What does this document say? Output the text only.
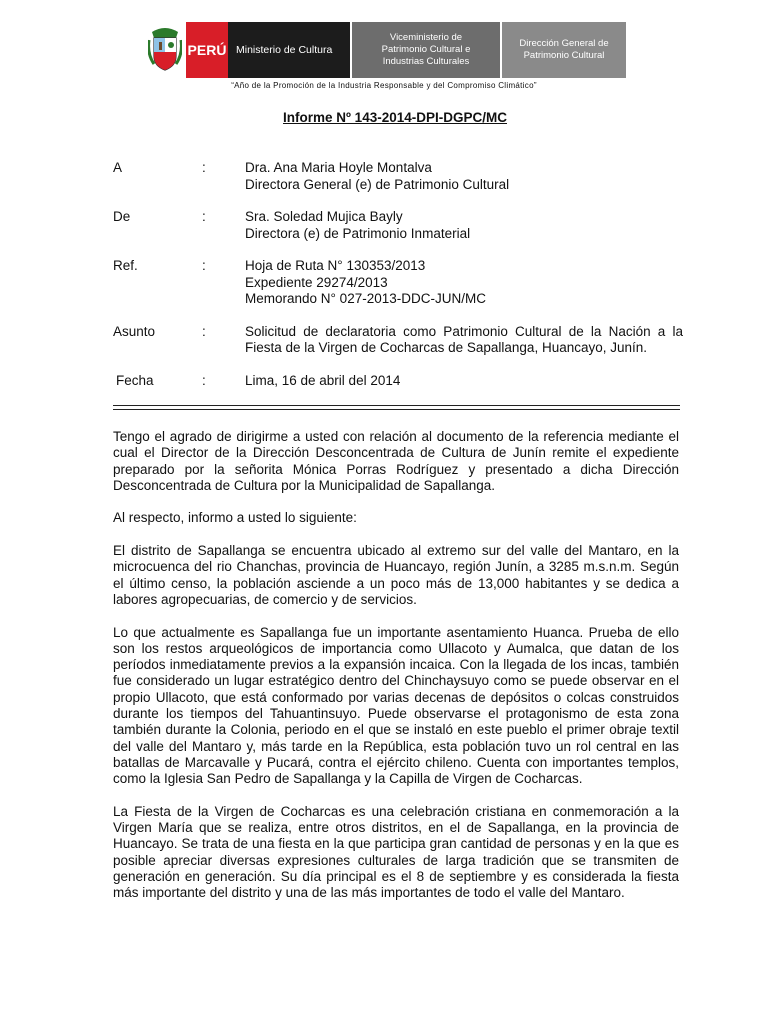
PERÚ Ministerio de Cultura
Viceministerio de
Patrimonio Cultural e
Industrias Culturales
Dirección General de
Patrimonio Cultural
“Año de la Promoción de la Industria Responsable y del Compromiso Climático”
Informe Nº 143-2014-DPI-DGPC/MC
A	:	Dra. Ana Maria Hoyle Montalva
Directora General (e) de Patrimonio Cultural
De	:	Sra. Soledad Mujica Bayly
Directora (e) de Patrimonio Inmaterial
Ref.	:	Hoja de Ruta N° 130353/2013
Expediente 29274/2013
Memorando N° 027-2013-DDC-JUN/MC
Asunto	:	Solicitud de declaratoria como Patrimonio Cultural de la Nación a la Fiesta de la Virgen de Cocharcas de Sapallanga, Huancayo, Junín.
Fecha	:	Lima, 16 de abril del 2014

Tengo el agrado de dirigirme a usted con relación al documento de la referencia mediante el cual el Director de la Dirección Desconcentrada de Cultura de Junín remite el expediente preparado por la señorita Mónica Porras Rodríguez y presentado a dicha Dirección Desconcentrada de Cultura por la Municipalidad de Sapallanga.

Al respecto, informo a usted lo siguiente:

El distrito de Sapallanga se encuentra ubicado al extremo sur del valle del Mantaro, en la microcuenca del rio Chanchas, provincia de Huancayo, región Junín, a 3285 m.s.n.m. Según el último censo, la población asciende a un poco más de 13,000 habitantes y se dedica a labores agropecuarias, de comercio y de servicios.

Lo que actualmente es Sapallanga fue un importante asentamiento Huanca. Prueba de ello son los restos arqueológicos de importancia como Ullacoto y Aumalca, que datan de los períodos inmediatamente previos a la expansión incaica. Con la llegada de los incas, también fue considerado un lugar estratégico dentro del Chinchaysuyo como se puede observar en el propio Ullacoto, que está conformado por varias decenas de depósitos o colcas construidos durante los tiempos del Tahuantinsuyo. Puede observarse el protagonismo de esta zona también durante la Colonia, periodo en el que se instaló en este pueblo el primer obraje textil del valle del Mantaro y, más tarde en la República, esta población tuvo un rol central en las batallas de Marcavalle y Pucará, contra el ejército chileno. Cuenta con importantes templos, como la Iglesia San Pedro de Sapallanga y la Capilla de Virgen de Cocharcas.

La Fiesta de la Virgen de Cocharcas es una celebración cristiana en conmemoración a la Virgen María que se realiza, entre otros distritos, en el de Sapallanga, en la provincia de Huancayo. Se trata de una fiesta en la que participa gran cantidad de personas y en la que es posible apreciar diversas expresiones culturales de larga tradición que se transmiten de generación en generación. Su día principal es el 8 de septiembre y es considerada la fiesta más importante del distrito y una de las más importantes de todo el valle del Mantaro.
